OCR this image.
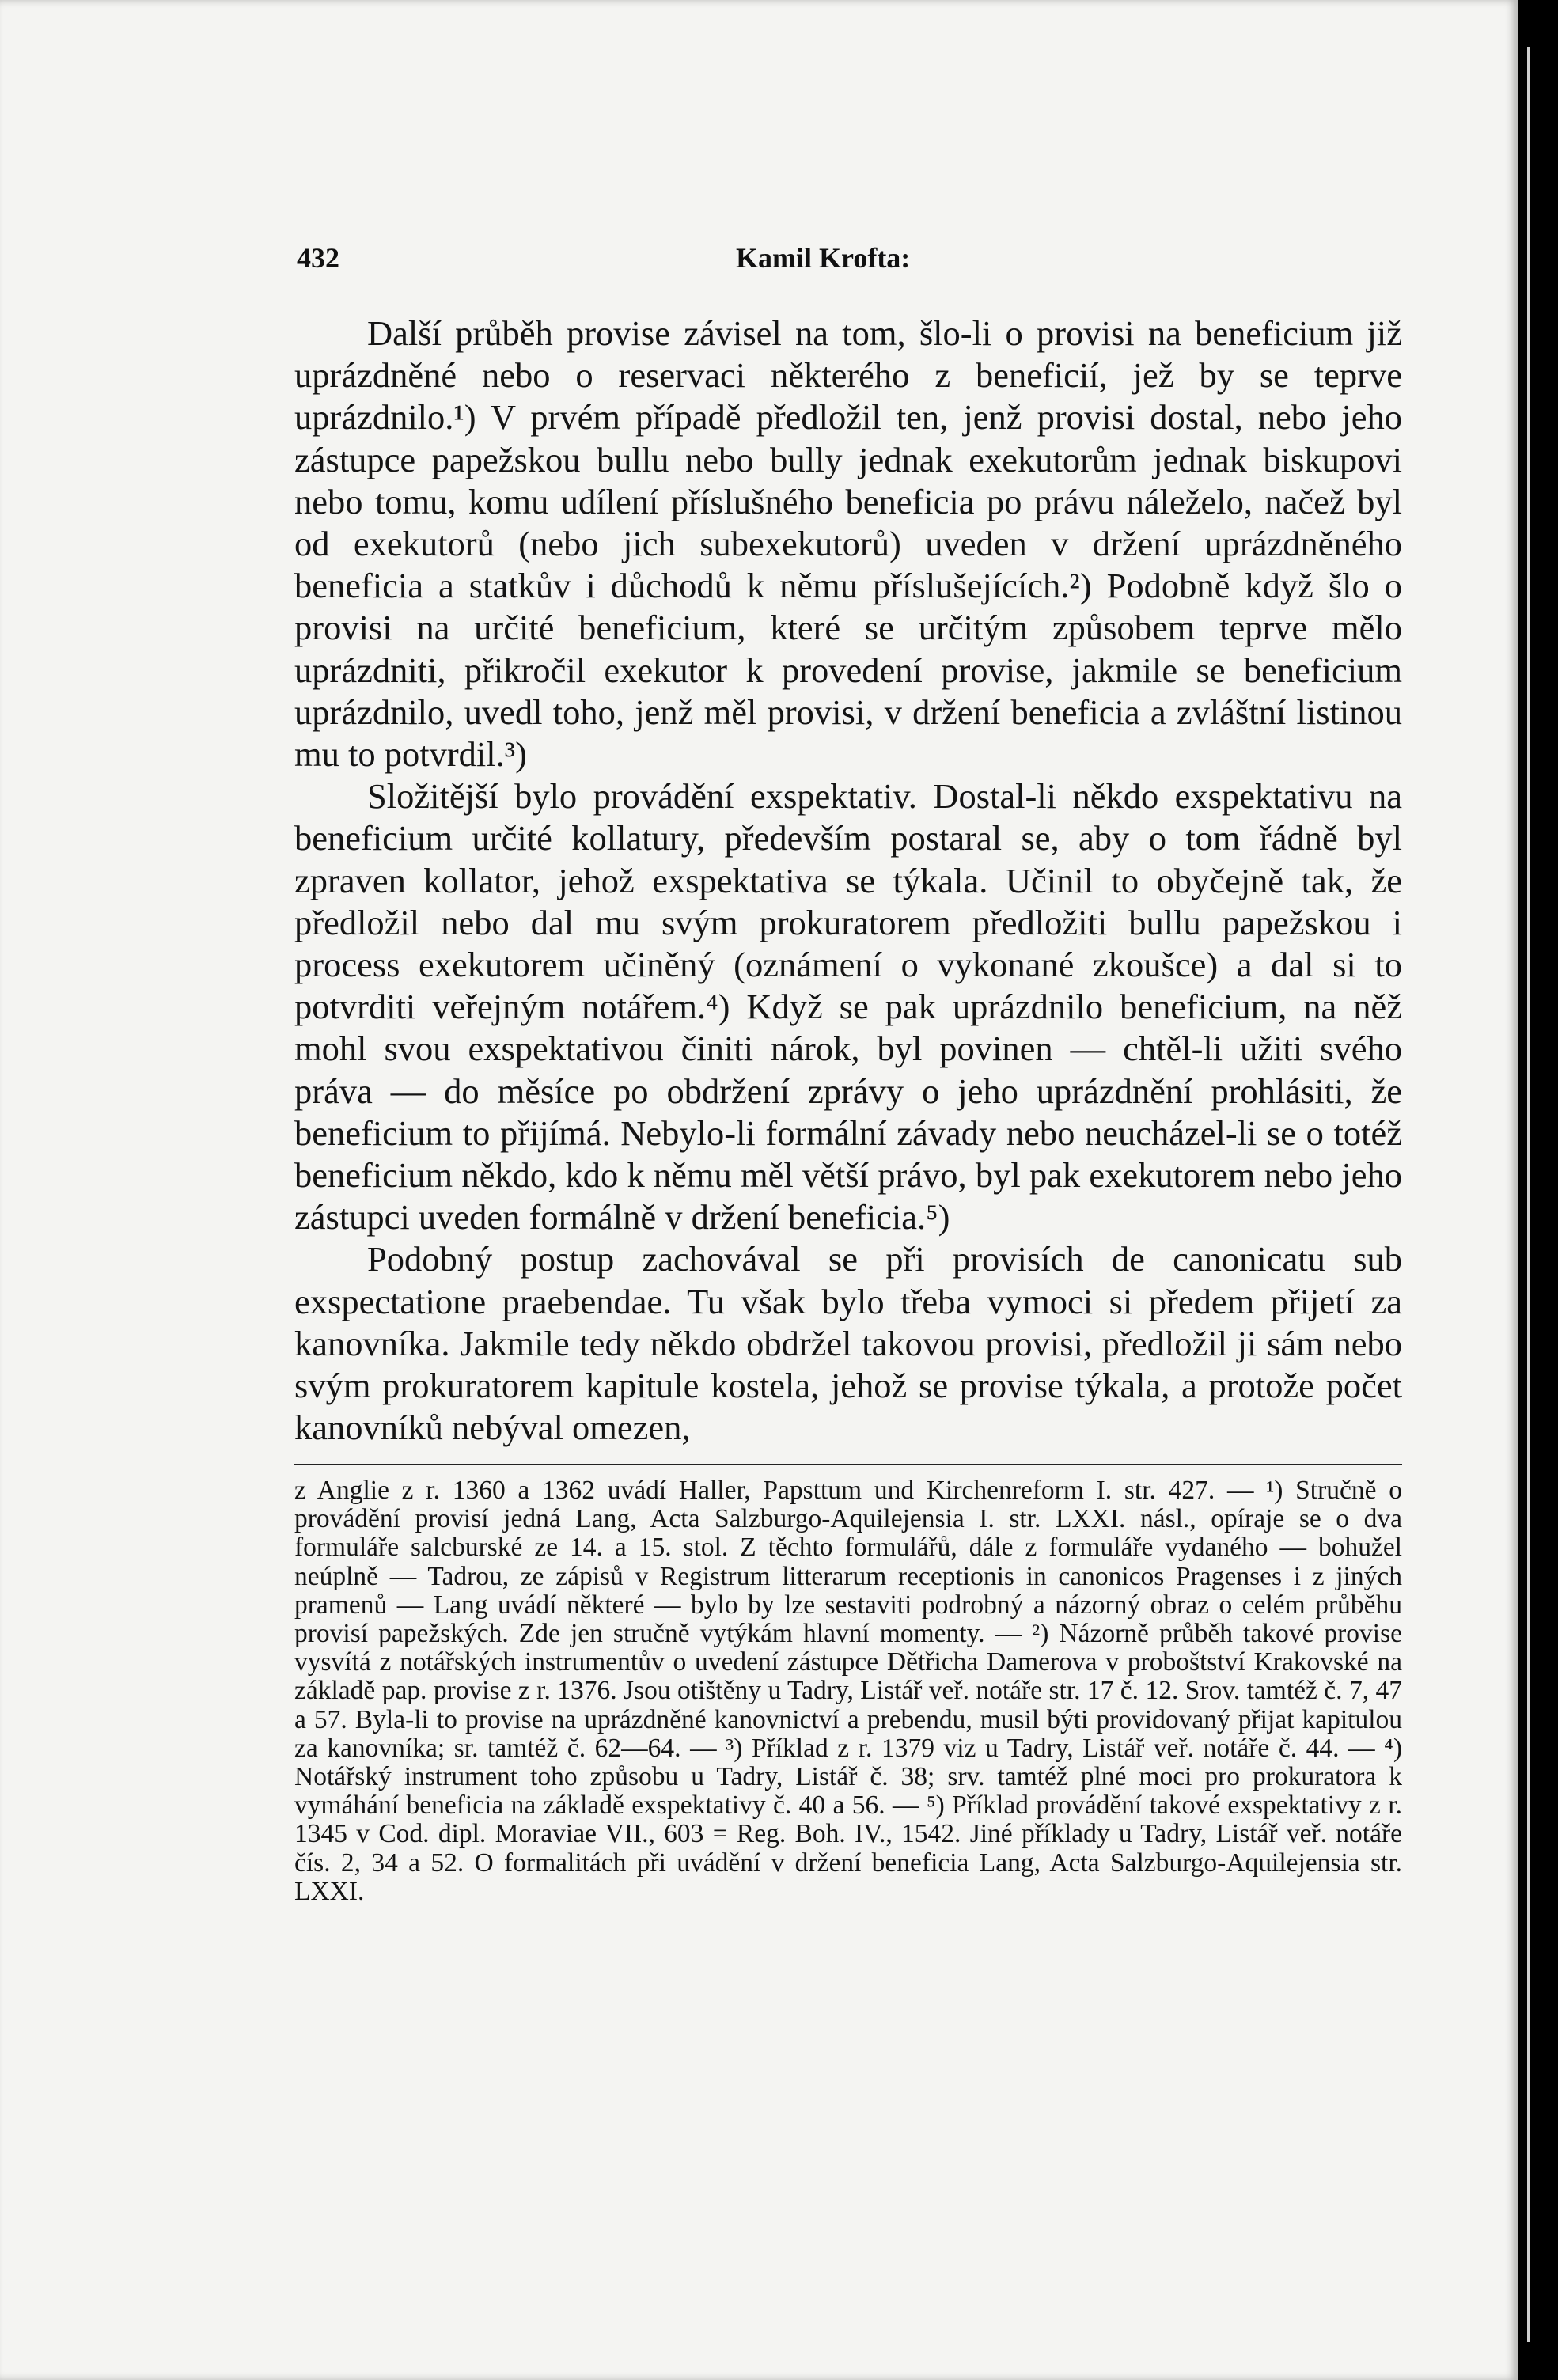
432	Kamil Krofta:

Další průběh provise závisel na tom, šlo-li o provisi na beneficium již uprázdněné nebo o reservaci některého z beneficií, jež by se teprve uprázdnilo.¹) V prvém případě předložil ten, jenž provisi dostal, nebo jeho zástupce papežskou bullu nebo bully jednak exekutorům jednak biskupovi nebo tomu, komu udílení příslušného beneficia po právu náleželo, načež byl od exekutorů (nebo jich subexekutorů) uveden v držení uprázdněného beneficia a statkův i důchodů k němu příslušejících.²) Podobně když šlo o provisi na určité beneficium, které se určitým způsobem teprve mělo uprázdniti, přikročil exekutor k provedení provise, jakmile se beneficium uprázdnilo, uvedl toho, jenž měl provisi, v držení beneficia a zvláštní listinou mu to potvrdil.³)

Složitější bylo provádění exspektativ. Dostal-li někdo exspektativu na beneficium určité kollatury, především postaral se, aby o tom řádně byl zpraven kollator, jehož exspektativa se týkala. Učinil to obyčejně tak, že předložil nebo dal mu svým prokuratorem předložiti bullu papežskou i process exekutorem učiněný (oznámení o vykonané zkoušce) a dal si to potvrditi veřejným notářem.⁴) Když se pak uprázdnilo beneficium, na něž mohl svou exspektativou činiti nárok, byl povinen — chtěl-li užiti svého práva — do měsíce po obdržení zprávy o jeho uprázdnění prohlásiti, že beneficium to přijímá. Nebylo-li formální závady nebo neucházel-li se o totéž beneficium někdo, kdo k němu měl větší právo, byl pak exekutorem nebo jeho zástupci uveden formálně v držení beneficia.⁵)

Podobný postup zachovával se při provisích de canonicatu sub exspectatione praebendae. Tu však bylo třeba vymoci si předem přijetí za kanovníka. Jakmile tedy někdo obdržel takovou provisi, předložil ji sám nebo svým prokuratorem kapitule kostela, jehož se provise týkala, a protože počet kanovníků nebýval omezen,

z Anglie z r. 1360 a 1362 uvádí Haller, Papsttum und Kirchenreform I. str. 427. — ¹) Stručně o provádění provisí jedná Lang, Acta Salzburgo-Aquilejensia I. str. LXXI. násl., opíraje se o dva formuláře salcburské ze 14. a 15. stol. Z těchto formulářů, dále z formuláře vydaného — bohužel neúplně — Tadrou, ze zápisů v Registrum litterarum receptionis in canonicos Pragenses i z jiných pramenů — Lang uvádí některé — bylo by lze sestaviti podrobný a názorný obraz o celém průběhu provisí papežských. Zde jen stručně vytýkám hlavní momenty. — ²) Názorně průběh takové provise vysvítá z notářských instrumentův o uvedení zástupce Dětřicha Damerova v proboštství Krakovské na základě pap. provise z r. 1376. Jsou otištěny u Tadry, Listář veř. notáře str. 17 č. 12. Srov. tamtéž č. 7, 47 a 57. Byla-li to provise na uprázdněné kanovnictví a prebendu, musil býti providovaný přijat kapitulou za kanovníka; sr. tamtéž č. 62—64. — ³) Příklad z r. 1379 viz u Tadry, Listář veř. notáře č. 44. — ⁴) Notářský instrument toho způsobu u Tadry, Listář č. 38; srv. tamtéž plné moci pro prokuratora k vymáhání beneficia na základě exspektativy č. 40 a 56. — ⁵) Příklad provádění takové exspektativy z r. 1345 v Cod. dipl. Moraviae VII., 603 = Reg. Boh. IV., 1542. Jiné příklady u Tadry, Listář veř. notáře čís. 2, 34 a 52. O formalitách při uvádění v držení beneficia Lang, Acta Salzburgo-Aquilejensia str. LXXI.
